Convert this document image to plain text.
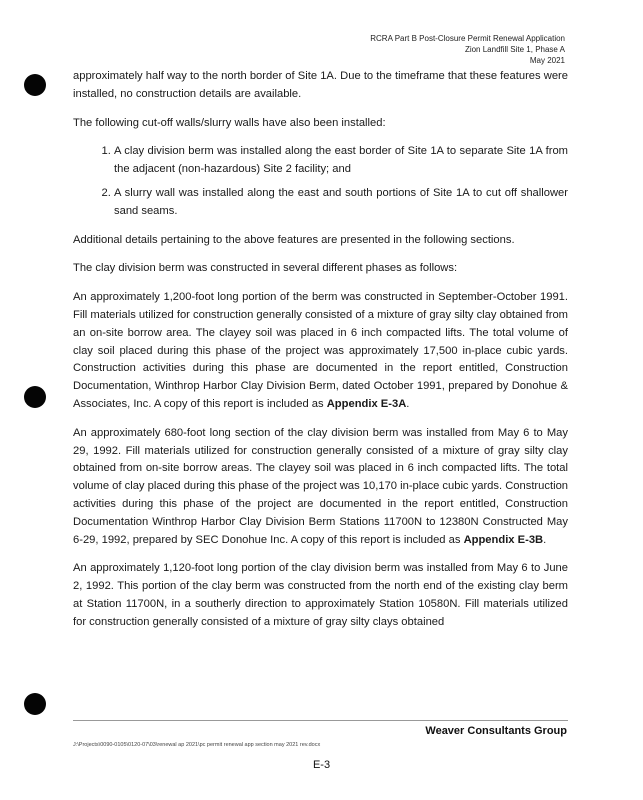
RCRA Part B Post-Closure Permit Renewal Application
Zion Landfill Site 1, Phase A
May 2021

approximately half way to the north border of Site 1A. Due to the timeframe that these features were installed, no construction details are available.

The following cut-off walls/slurry walls have also been installed:

1. A clay division berm was installed along the east border of Site 1A to separate Site 1A from the adjacent (non-hazardous) Site 2 facility; and
2. A slurry wall was installed along the east and south portions of Site 1A to cut off shallower sand seams.

Additional details pertaining to the above features are presented in the following sections.

The clay division berm was constructed in several different phases as follows:

An approximately 1,200-foot long portion of the berm was constructed in September-October 1991. Fill materials utilized for construction generally consisted of a mixture of gray silty clay obtained from an on-site borrow area. The clayey soil was placed in 6 inch compacted lifts. The total volume of clay soil placed during this phase of the project was approximately 17,500 in-place cubic yards. Construction activities during this phase are documented in the report entitled, Construction Documentation, Winthrop Harbor Clay Division Berm, dated October 1991, prepared by Donohue & Associates, Inc. A copy of this report is included as Appendix E-3A.

An approximately 680-foot long section of the clay division berm was installed from May 6 to May 29, 1992. Fill materials utilized for construction generally consisted of a mixture of gray silty clay obtained from on-site borrow areas. The clayey soil was placed in 6 inch compacted lifts. The total volume of clay placed during this phase of the project was 10,170 in-place cubic yards. Construction activities during this phase of the project are documented in the report entitled, Construction Documentation Winthrop Harbor Clay Division Berm Stations 11700N to 12380N Constructed May 6-29, 1992, prepared by SEC Donohue Inc. A copy of this report is included as Appendix E-3B.

An approximately 1,120-foot long portion of the clay division berm was installed from May 6 to June 2, 1992. This portion of the clay berm was constructed from the north end of the existing clay berm at Station 11700N, in a southerly direction to approximately Station 10580N. Fill materials utilized for construction generally consisted of a mixture of gray silty clays obtained

Weaver Consultants Group
J:\Projects\0090-0105\0120-07\03\renewal ap 2021\pc permit renewal app section may 2021 rev.docx
E-3
